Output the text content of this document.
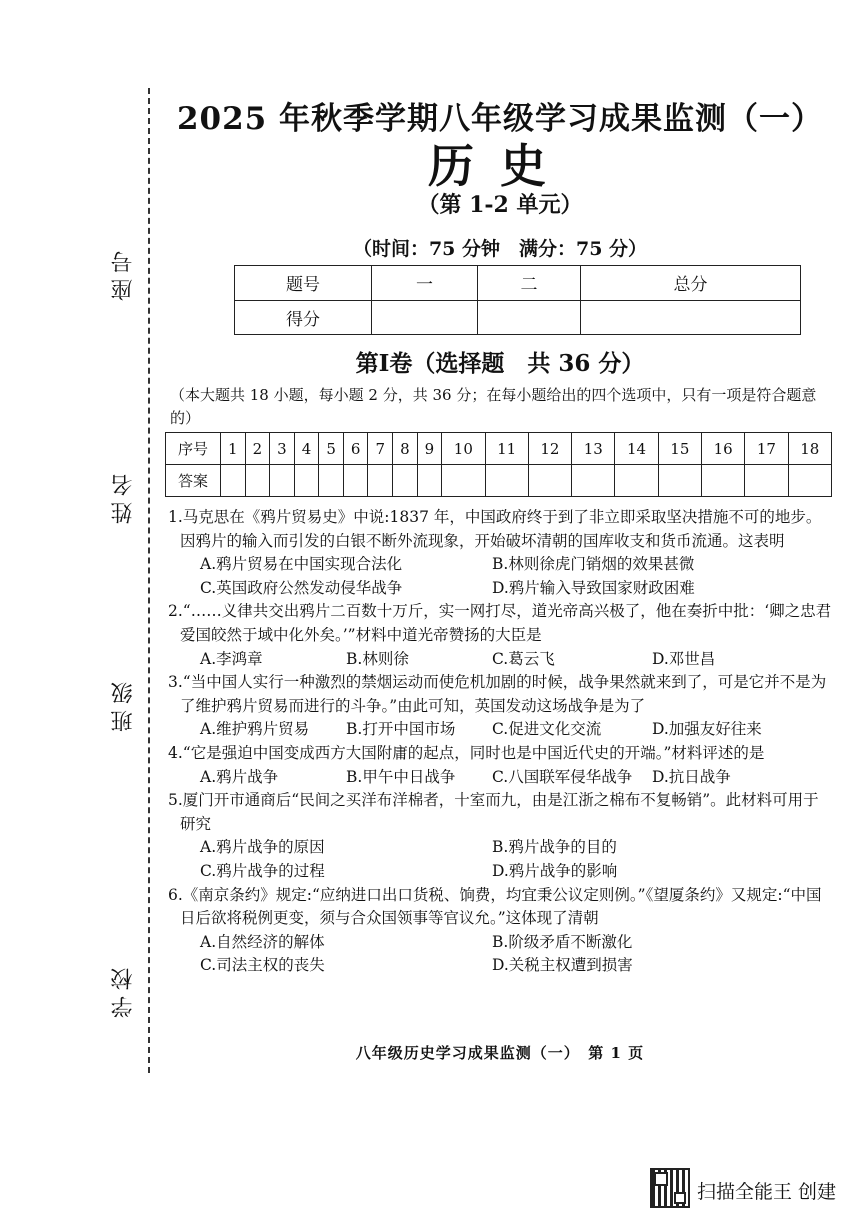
座号
姓名
班级
学校
2025 年秋季学期八年级学习成果监测（一）
历史
（第 1-2 单元）
（时间：75 分钟　满分：75 分）
题号	一	二	总分
得分			
第Ⅰ卷（选择题　共 36 分）
（本大题共 18 小题，每小题 2 分，共 36 分；在每小题给出的四个选项中，只有一项是符合题意的）
序号	1	2	3	4	5	6	7	8	9	10	11	12	13	14	15	16	17	18
答案																		
1.马克思在《鸦片贸易史》中说:1837 年，中国政府终于到了非立即采取坚决措施不可的地步。因鸦片的输入而引发的白银不断外流现象，开始破坏清朝的国库收支和货币流通。这表明
A.鸦片贸易在中国实现合法化	B.林则徐虎门销烟的效果甚微
C.英国政府公然发动侵华战争	D.鸦片输入导致国家财政困难
2.“……义律共交出鸦片二百数十万斤，实一网打尽，道光帝高兴极了，他在奏折中批：‘卿之忠君爱国皎然于域中化外矣。’”材料中道光帝赞扬的大臣是
A.李鸿章	B.林则徐	C.葛云飞	D.邓世昌
3.“当中国人实行一种激烈的禁烟运动而使危机加剧的时候，战争果然就来到了，可是它并不是为了维护鸦片贸易而进行的斗争。”由此可知，英国发动这场战争是为了
A.维护鸦片贸易	B.打开中国市场	C.促进文化交流	D.加强友好往来
4.“它是强迫中国变成西方大国附庸的起点，同时也是中国近代史的开端。”材料评述的是
A.鸦片战争	B.甲午中日战争	C.八国联军侵华战争	D.抗日战争
5.厦门开市通商后“民间之买洋布洋棉者，十室而九，由是江浙之棉布不复畅销”。此材料可用于研究
A.鸦片战争的原因	B.鸦片战争的目的
C.鸦片战争的过程	D.鸦片战争的影响
6.《南京条约》规定:“应纳进口出口货税、饷费，均宜秉公议定则例。”《望厦条约》又规定:“中国日后欲将税例更变，须与合众国领事等官议允。”这体现了清朝
A.自然经济的解体	B.阶级矛盾不断激化
C.司法主权的丧失	D.关税主权遭到损害
八年级历史学习成果监测（一）　第 1 页
扫描全能王 创建
